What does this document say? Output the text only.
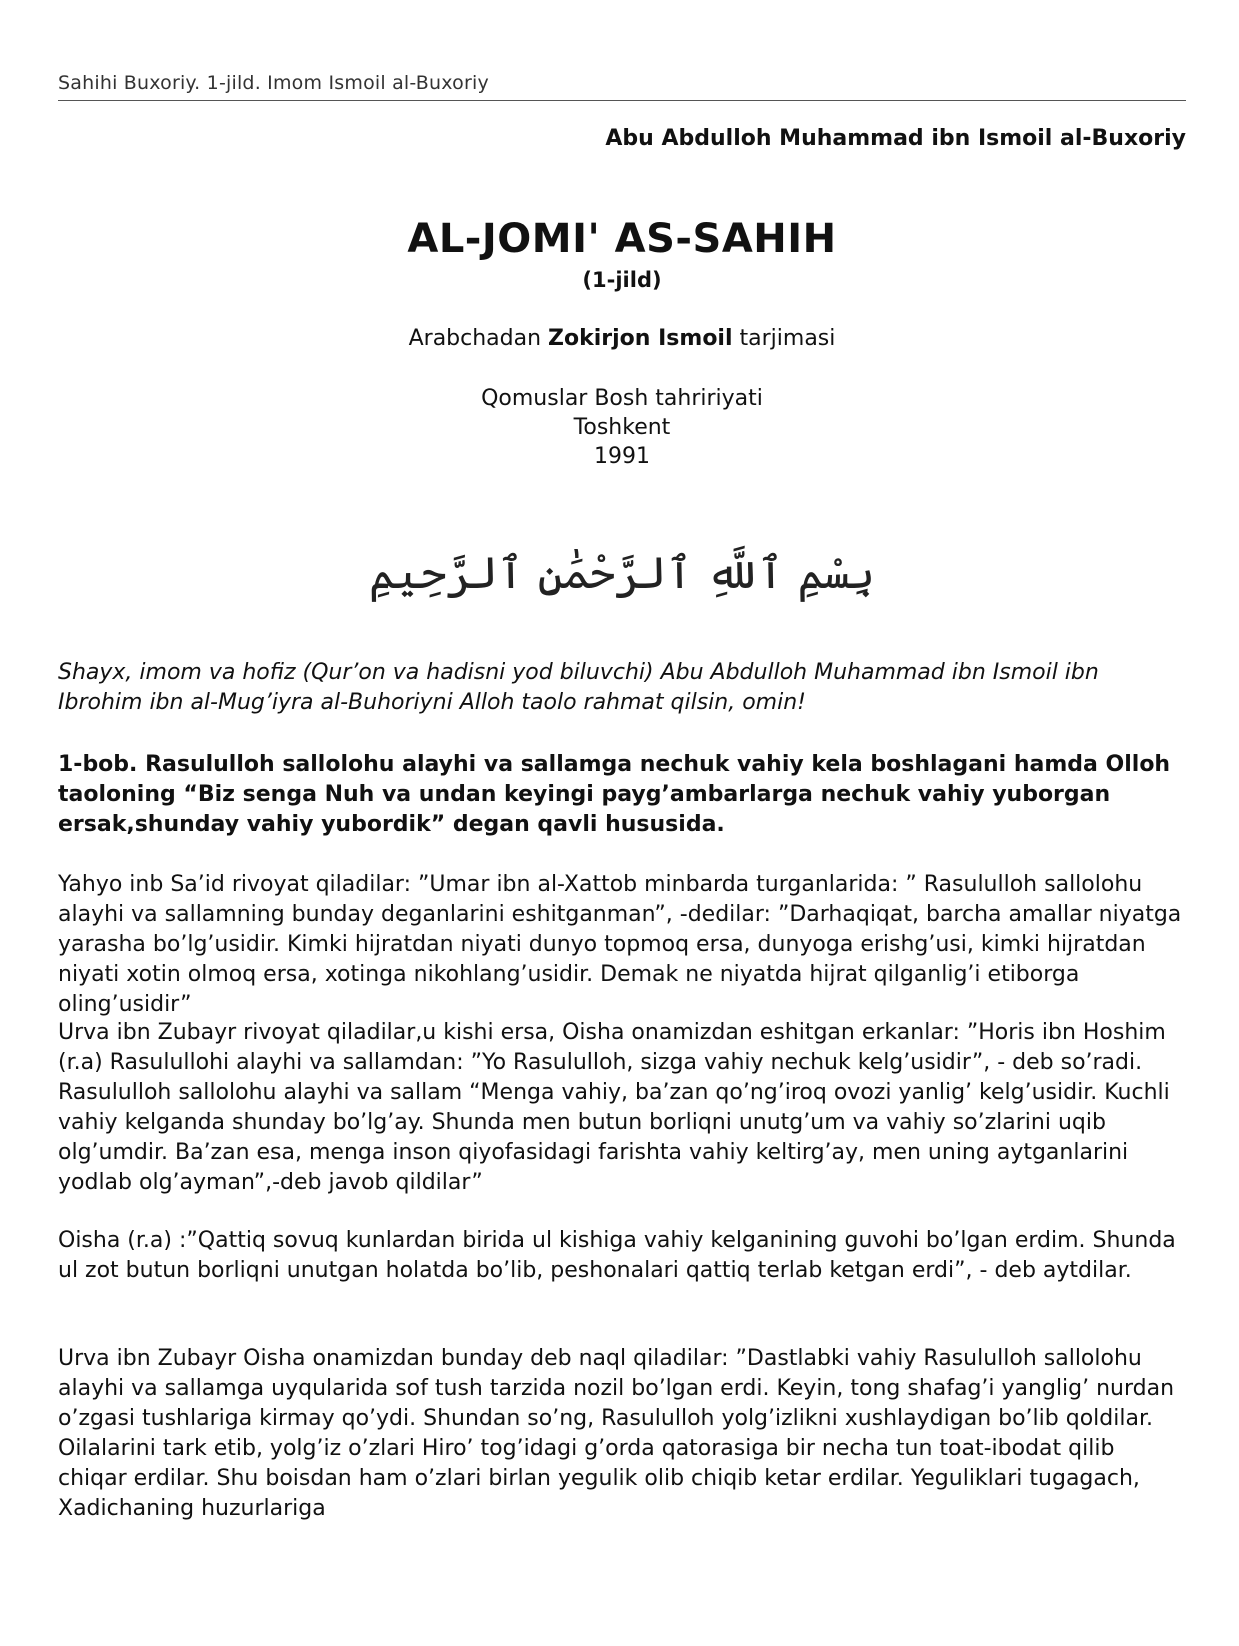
Sahihi Buxoriy. 1-jild. Imom Ismoil al-Buxoriy
Abu Abdulloh Muhammad ibn Ismoil al-Buxoriy
AL-JOMI' AS-SAHIH
(1-jild)
Arabchadan Zokirjon Ismoil tarjimasi
Qomuslar Bosh tahririyati
Toshkent
1991
بِسْمِ ٱللَّهِ ٱلرَّحْمَٰنِ ٱلرَّحِيمِ
Shayx, imom va hofiz (Qur’on va hadisni yod biluvchi) Abu Abdulloh Muhammad ibn Ismoil ibn Ibrohim ibn al-Mug’iyra al-Buhoriyni Alloh taolo rahmat qilsin, omin!
1-bob. Rasululloh sallolohu alayhi va sallamga nechuk vahiy kela boshlagani hamda Olloh taoloning “Biz senga Nuh va undan keyingi payg’ambarlarga nechuk vahiy yuborgan ersak,shunday vahiy yubordik” degan qavli hususida.
Yahyo inb Sa’id rivoyat qiladilar: ”Umar ibn al-Xattob minbarda turganlarida: ” Rasululloh sallolohu alayhi va sallamning bunday deganlarini eshitganman”, -dedilar: ”Darhaqiqat, barcha amallar niyatga yarasha bo’lg’usidir. Kimki hijratdan niyati dunyo topmoq ersa, dunyoga erishg’usi, kimki hijratdan niyati xotin olmoq ersa, xotinga nikohlang’usidir. Demak ne niyatda hijrat qilganlig’i etiborga oling’usidir”
Urva ibn Zubayr rivoyat qiladilar,u kishi ersa, Oisha onamizdan eshitgan erkanlar: ”Horis ibn Hoshim (r.a) Rasulullohi alayhi va sallamdan: ”Yo Rasululloh, sizga vahiy nechuk kelg’usidir”, - deb so’radi. Rasululloh sallolohu alayhi va sallam “Menga vahiy, ba’zan qo’ng’iroq ovozi yanlig’ kelg’usidir. Kuchli vahiy kelganda shunday bo’lg’ay. Shunda men butun borliqni unutg’um va vahiy so’zlarini uqib olg’umdir. Ba’zan esa, menga inson qiyofasidagi farishta vahiy keltirg’ay, men uning aytganlarini yodlab olg’ayman”,-deb javob qildilar”
Oisha (r.a) :”Qattiq sovuq kunlardan birida ul kishiga vahiy kelganining guvohi bo’lgan erdim. Shunda ul zot butun borliqni unutgan holatda bo’lib, peshonalari qattiq terlab ketgan erdi”, - deb aytdilar.
Urva ibn Zubayr Oisha onamizdan bunday deb naql qiladilar: ”Dastlabki vahiy Rasululloh sallolohu alayhi va sallamga uyqularida sof tush tarzida nozil bo’lgan erdi. Keyin, tong shafag’i yanglig’ nurdan o’zgasi tushlariga kirmay qo’ydi. Shundan so’ng, Rasululloh yolg’izlikni xushlaydigan bo’lib qoldilar. Oilalarini tark etib, yolg’iz o’zlari Hiro’ tog’idagi g’orda qatorasiga bir necha tun toat-ibodat qilib chiqar erdilar. Shu boisdan ham o’zlari birlan yegulik olib chiqib ketar erdilar. Yeguliklari tugagach, Xadichaning huzurlariga
